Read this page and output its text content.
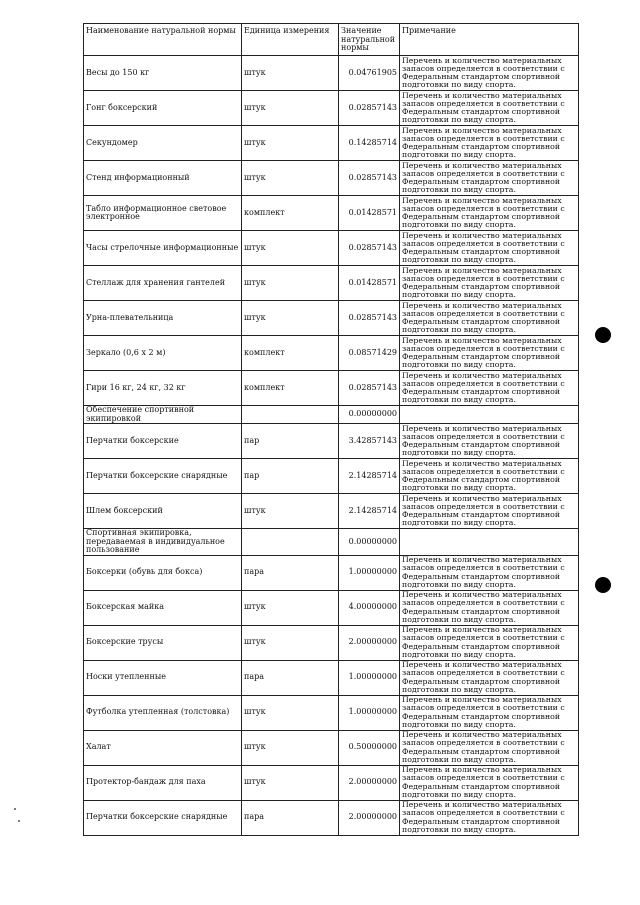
Наименование натуральной нормы	Единица измерения	Значение натуральной нормы	Примечание
Весы до 150 кг	штук	0.04761905	Перечень и количество материальных запасов определяется в соответствии с Федеральным стандартом спортивной подготовки по виду спорта.
Гонг боксерский	штук	0.02857143	Перечень и количество материальных запасов определяется в соответствии с Федеральным стандартом спортивной подготовки по виду спорта.
Секундомер	штук	0.14285714	Перечень и количество материальных запасов определяется в соответствии с Федеральным стандартом спортивной подготовки по виду спорта.
Стенд информационный	штук	0.02857143	Перечень и количество материальных запасов определяется в соответствии с Федеральным стандартом спортивной подготовки по виду спорта.
Табло информационное световое электронное	комплект	0.01428571	Перечень и количество материальных запасов определяется в соответствии с Федеральным стандартом спортивной подготовки по виду спорта.
Часы стрелочные информационные	штук	0.02857143	Перечень и количество материальных запасов определяется в соответствии с Федеральным стандартом спортивной подготовки по виду спорта.
Стеллаж для хранения гантелей	штук	0.01428571	Перечень и количество материальных запасов определяется в соответствии с Федеральным стандартом спортивной подготовки по виду спорта.
Урна-плевательница	штук	0.02857143	Перечень и количество материальных запасов определяется в соответствии с Федеральным стандартом спортивной подготовки по виду спорта.
Зеркало (0,6 х 2 м)	комплект	0.08571429	Перечень и количество материальных запасов определяется в соответствии с Федеральным стандартом спортивной подготовки по виду спорта.
Гири 16 кг, 24 кг, 32 кг	комплект	0.02857143	Перечень и количество материальных запасов определяется в соответствии с Федеральным стандартом спортивной подготовки по виду спорта.
Обеспечение спортивной экипировкой		0.00000000	
Перчатки боксерские	пар	3.42857143	Перечень и количество материальных запасов определяется в соответствии с Федеральным стандартом спортивной подготовки по виду спорта.
Перчатки боксерские снарядные	пар	2.14285714	Перечень и количество материальных запасов определяется в соответствии с Федеральным стандартом спортивной подготовки по виду спорта.
Шлем боксерский	штук	2.14285714	Перечень и количество материальных запасов определяется в соответствии с Федеральным стандартом спортивной подготовки по виду спорта.
Спортивная экипировка, передаваемая в индивидуальное пользование		0.00000000	
Боксерки (обувь для бокса)	пара	1.00000000	Перечень и количество материальных запасов определяется в соответствии с Федеральным стандартом спортивной подготовки по виду спорта.
Боксерская майка	штук	4.00000000	Перечень и количество материальных запасов определяется в соответствии с Федеральным стандартом спортивной подготовки по виду спорта.
Боксерские трусы	штук	2.00000000	Перечень и количество материальных запасов определяется в соответствии с Федеральным стандартом спортивной подготовки по виду спорта.
Носки утепленные	пара	1.00000000	Перечень и количество материальных запасов определяется в соответствии с Федеральным стандартом спортивной подготовки по виду спорта.
Футболка утепленная (толстовка)	штук	1.00000000	Перечень и количество материальных запасов определяется в соответствии с Федеральным стандартом спортивной подготовки по виду спорта.
Халат	штук	0.50000000	Перечень и количество материальных запасов определяется в соответствии с Федеральным стандартом спортивной подготовки по виду спорта.
Протектор-бандаж для паха	штук	2.00000000	Перечень и количество материальных запасов определяется в соответствии с Федеральным стандартом спортивной подготовки по виду спорта.
Перчатки боксерские снарядные	пара	2.00000000	Перечень и количество материальных запасов определяется в соответствии с Федеральным стандартом спортивной подготовки по виду спорта.
